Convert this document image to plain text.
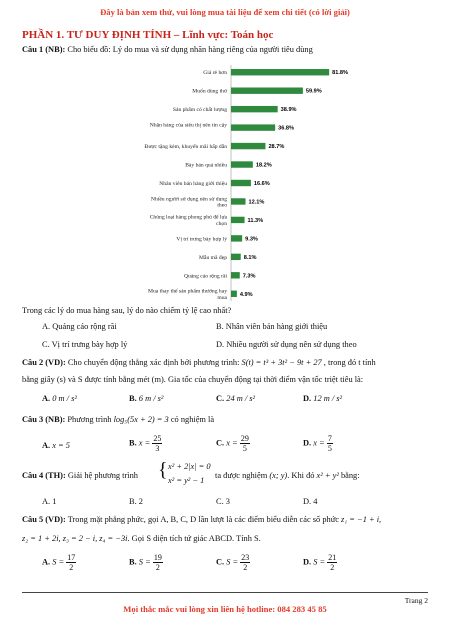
Đây là bản xem thử, vui lòng mua tài liệu để xem chi tiết (có lời giải)
PHẦN 1. TƯ DUY ĐỊNH TÍNH – Lĩnh vực: Toán học
Câu 1 (NB): Cho biểu đồ: Lý do mua và sử dụng nhãn hàng riêng của người tiêu dùng
Giá rẻ hơn	81.8%
Muốn dùng thử	59.9%
Sản phẩm có chất lượng	38.9%
Nhãn hàng của siêu thị nên tin cậy
36.8%
Được tặng kèm, khuyến mãi hấp dẫn	28.7%
Bày bán quá nhiều	18.2%
Nhân viên bán hàng giới thiệu	16.6%
Nhiều người sử dụng nên sử dụng theo
12.1%
Chủng loại hàng phong phú để lựa chọn
11.3%
Vị trí trưng bày hợp lý	9.3%
Mẫu mã đẹp	8.1%
Quảng cáo rộng rãi	7.3%
Mua thay thế sản phẩm thường hay mua
4.9%
Trong các lý do mua hàng sau, lý do nào chiếm tỷ lệ cao nhất?
A. Quảng cáo rộng rãi	B. Nhân viên bán hàng giới thiệu
C. Vị trí trưng bày hợp lý	D. Nhiều người sử dụng nên sử dụng theo
Câu 2 (VD): Cho chuyển động thẳng xác định bởi phương trình: S(t) = t³ + 3t² − 9t + 27 , trong đó t tính
bằng giây (s) và S được tính bằng mét (m). Gia tốc của chuyển động tại thời điểm vận tốc triệt tiêu là:
A. 0 m / s²	B. 6 m / s²	C. 24 m / s²	D. 12 m / s²
Câu 3 (NB): Phương trình log₅(5x + 2) = 3 có nghiệm là
A. x = 5	B. $x = \frac{25}{3}$	C. $x = \frac{29}{5}$	D. $x = \frac{7}{5}$
Câu 4 (TH): Giải hệ phương trình { x² + 2|x| = 0
x² = y² − 1
ta được nghiệm (x; y). Khi đó x² + y² bằng:
A. 1	B. 2	C. 3	D. 4
Câu 5 (VD): Trong mặt phẳng phức, gọi A, B, C, D lần lượt là các điểm biểu diễn các số phức z₁ = −1 + i,
z₂ = 1 + 2i, z₃ = 2 − i, z₄ = −3i. Gọi S diện tích tứ giác ABCD. Tính S.
A. $S = \frac{17}{2}$	B. $S = \frac{19}{2}$	C. $S = \frac{23}{2}$	D. $S = \frac{21}{2}$
Trang 2
Mọi thắc mắc vui lòng xin liên hệ hotline: 084 283 45 85
